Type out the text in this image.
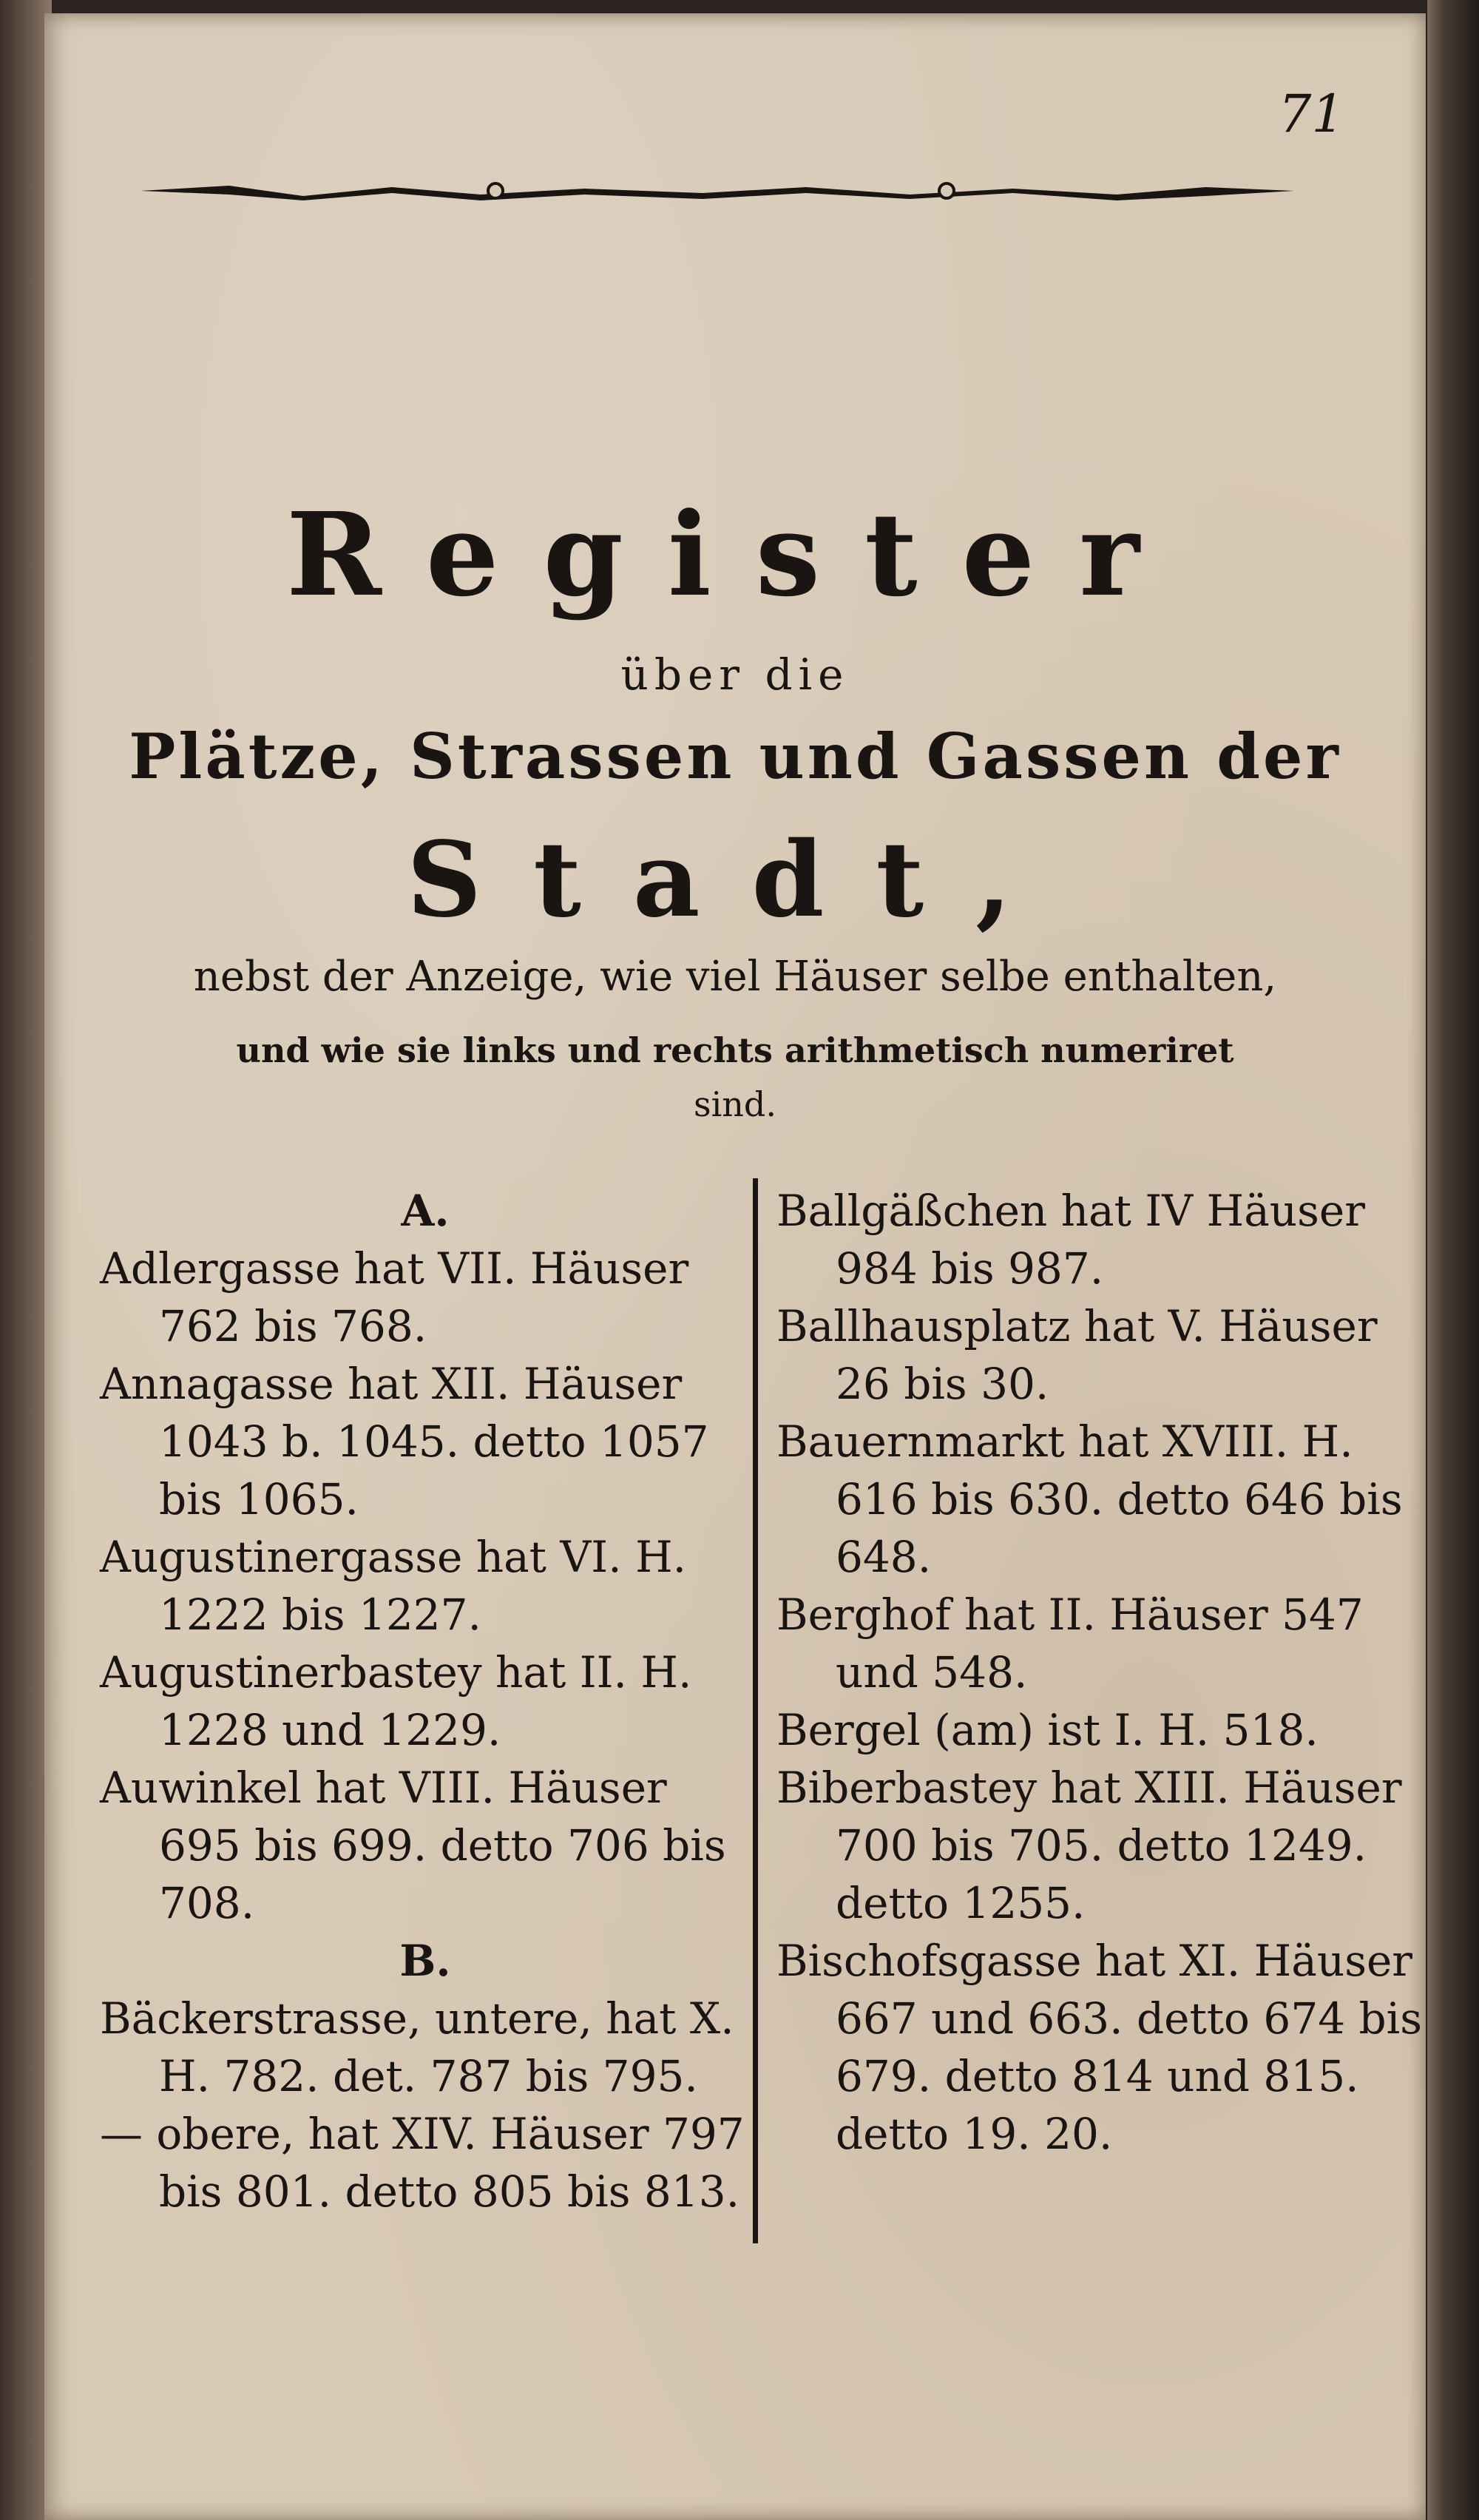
71
Register
über die
Plätze, Strassen und Gassen der
Stadt,
nebst der Anzeige, wie viel Häuser selbe enthalten,
und wie sie links und rechts arithmetisch numeriret
sind.
A.
Adlergasse hat VII. Häuser 762 bis 768.
Annagasse hat XII. Häuser 1043 b. 1045. detto 1057 bis 1065.
Augustinergasse hat VI. H. 1222 bis 1227.
Augustinerbastey hat II. H. 1228 und 1229.
Auwinkel hat VIII. Häuser 695 bis 699. detto 706 bis 708.
B.
Bäckerstrasse, untere, hat X. H. 782. det. 787 bis 795.
— obere, hat XIV. Häuser 797 bis 801. detto 805 bis 813.
Ballgäßchen hat IV Häuser 984 bis 987.
Ballhausplatz hat V. Häuser 26 bis 30.
Bauernmarkt hat XVIII. H. 616 bis 630. detto 646 bis 648.
Berghof hat II. Häuser 547 und 548.
Bergel (am) ist I. H. 518.
Biberbastey hat XIII. Häuser 700 bis 705. detto 1249. detto 1255.
Bischofsgasse hat XI. Häuser 667 und 663. detto 674 bis 679. detto 814 und 815. detto 19. 20.
